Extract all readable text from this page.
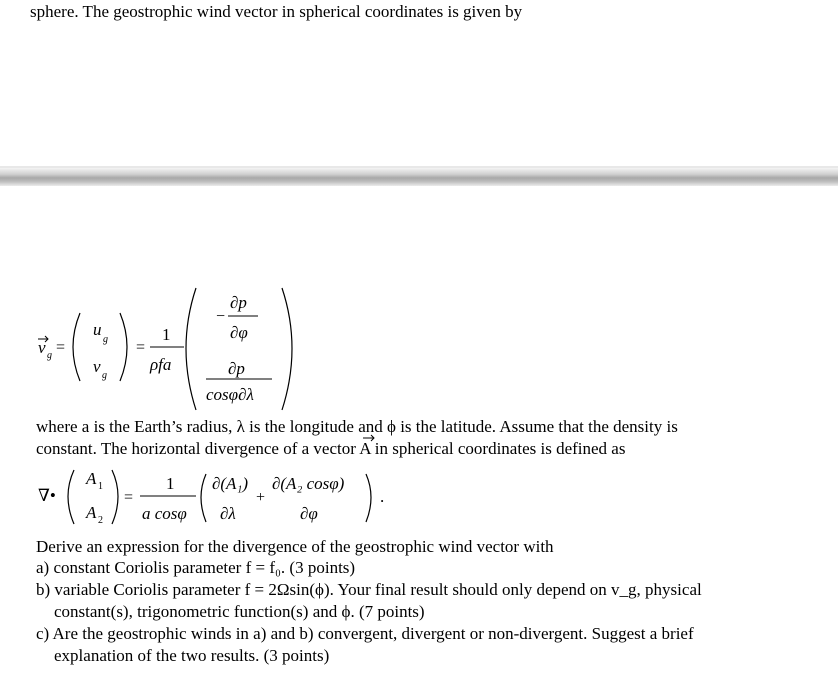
sphere. The geostrophic wind vector in spherical coordinates is given by
v g =
u
g
v g
=
1
ρfa
−
∂p
∂φ
∂p
cosφ∂λ
∇•
A 1
A 2
=
1
a cosφ
∂(A₁)
∂λ
+
∂(A₂ cosφ)
∂φ
.
where a is the Earth’s radius, λ is the longitude and ϕ is the latitude. Assume that the density is
constant. The horizontal divergence of a vector A in spherical coordinates is defined as
Derive an expression for the divergence of the geostrophic wind vector with
a) constant Coriolis parameter f = f₀. (3 points)
b) variable Coriolis parameter f = 2Ωsin(ϕ). Your final result should only depend on v_g, physical
constant(s), trigonometric function(s) and ϕ. (7 points)
c) Are the geostrophic winds in a) and b) convergent, divergent or non-divergent. Suggest a brief
explanation of the two results. (3 points)
